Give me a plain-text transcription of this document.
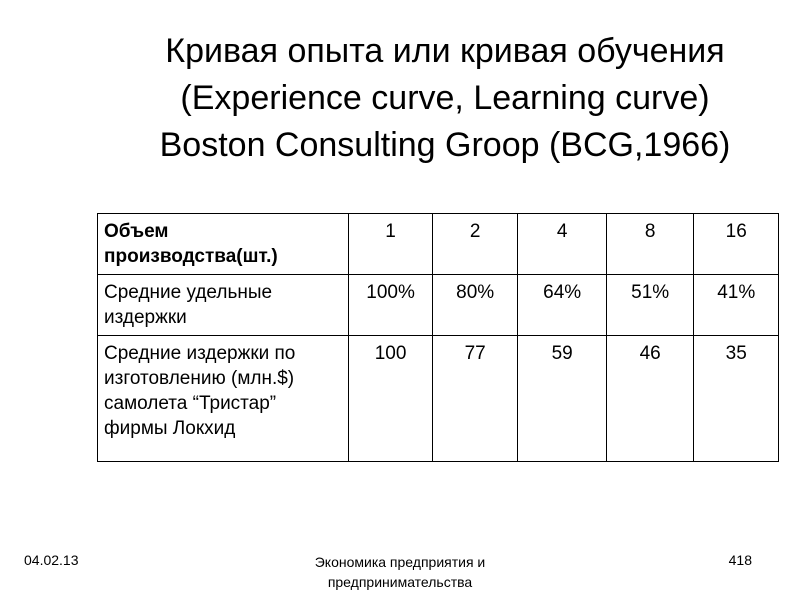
Кривая опыта или кривая обучения
(Experience curve, Learning curve)
Boston Consulting Groop (BCG,1966)
Объем производства(шт.)	1	2	4	8	16
Средние удельные издержки	100%	80%	64%	51%	41%
Средние издержки по изготовлению (млн.$) самолета “Тристар” фирмы Локхид	100	77	59	46	35
04.02.13	Экономика предприятия и
предпринимательства
418
